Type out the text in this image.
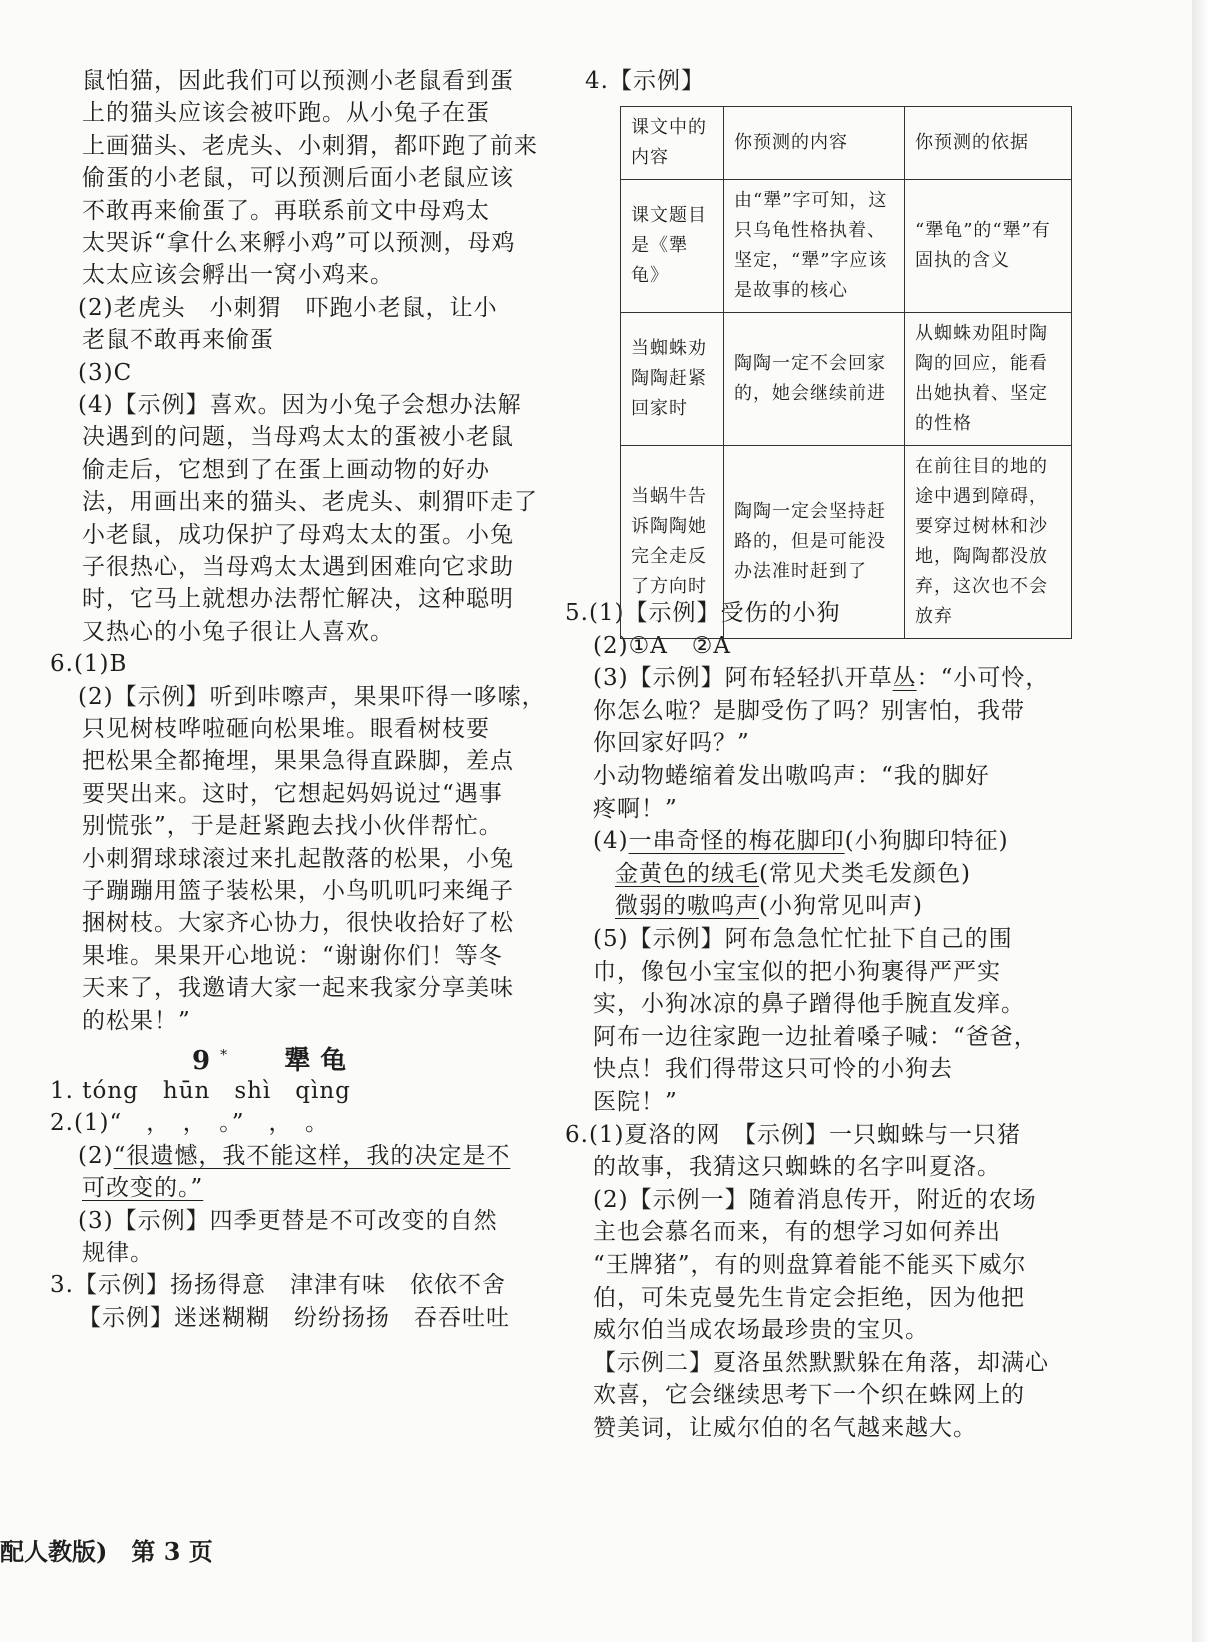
鼠怕猫，因此我们可以预测小老鼠看到蛋
上的猫头应该会被吓跑。从小兔子在蛋
上画猫头、老虎头、小刺猬，都吓跑了前来
偷蛋的小老鼠，可以预测后面小老鼠应该
不敢再来偷蛋了。再联系前文中母鸡太
太哭诉“拿什么来孵小鸡”可以预测，母鸡
太太应该会孵出一窝小鸡来。
(2)老虎头　小刺猬　吓跑小老鼠，让小
老鼠不敢再来偷蛋
(3)C
(4)【示例】喜欢。因为小兔子会想办法解
决遇到的问题，当母鸡太太的蛋被小老鼠
偷走后，它想到了在蛋上画动物的好办
法，用画出来的猫头、老虎头、刺猬吓走了
小老鼠，成功保护了母鸡太太的蛋。小兔
子很热心，当母鸡太太遇到困难向它求助
时，它马上就想办法帮忙解决，这种聪明
又热心的小兔子很让人喜欢。
6.(1)B
(2)【示例】听到咔嚓声，果果吓得一哆嗦，
只见树枝哗啦砸向松果堆。眼看树枝要
把松果全都掩埋，果果急得直跺脚，差点
要哭出来。这时，它想起妈妈说过“遇事
别慌张”，于是赶紧跑去找小伙伴帮忙。
小刺猬球球滚过来扎起散落的松果，小兔
子蹦蹦用篮子装松果，小鸟叽叽叼来绳子
捆树枝。大家齐心协力，很快收拾好了松
果堆。果果开心地说：“谢谢你们！等冬
天来了，我邀请大家一起来我家分享美味
的松果！”
9* 犟龟
1. tóng　hūn　shì　qìng
2.(1)“　，　，　。”　，　。
(2)“很遗憾，我不能这样，我的决定是不
可改变的。”
(3)【示例】四季更替是不可改变的自然
规律。
3.【示例】扬扬得意　津津有味　依依不舍
【示例】迷迷糊糊　纷纷扬扬　吞吞吐吐
4.【示例】
5.(1)【示例】受伤的小狗
(2)①A　②A
(3)【示例】阿布轻轻扒开草丛：“小可怜，
你怎么啦？是脚受伤了吗？别害怕，我带
你回家好吗？”
小动物蜷缩着发出嗷呜声：“我的脚好
疼啊！”
(4)一串奇怪的梅花脚印(小狗脚印特征)
金黄色的绒毛(常见犬类毛发颜色)
微弱的嗷呜声(小狗常见叫声)
(5)【示例】阿布急急忙忙扯下自己的围
巾，像包小宝宝似的把小狗裹得严严实
实，小狗冰凉的鼻子蹭得他手腕直发痒。
阿布一边往家跑一边扯着嗓子喊：“爸爸，
快点！我们得带这只可怜的小狗去
医院！”
6.(1)夏洛的网　【示例】一只蜘蛛与一只猪
的故事，我猜这只蜘蛛的名字叫夏洛。
(2)【示例一】随着消息传开，附近的农场
主也会慕名而来，有的想学习如何养出
“王牌猪”，有的则盘算着能不能买下威尔
伯，可朱克曼先生肯定会拒绝，因为他把
威尔伯当成农场最珍贵的宝贝。
【示例二】夏洛虽然默默躲在角落，却满心
欢喜，它会继续思考下一个织在蛛网上的
赞美词，让威尔伯的名气越来越大。
课文中的内容	你预测的内容	你预测的依据
课文题目是《犟龟》	由“犟”字可知，这只乌龟性格执着、坚定，“犟”字应该是故事的核心	“犟龟”的“犟”有固执的含义
当蜘蛛劝陶陶赶紧回家时	陶陶一定不会回家的，她会继续前进	从蜘蛛劝阻时陶陶的回应，能看出她执着、坚定的性格
当蜗牛告诉陶陶她完全走反了方向时	陶陶一定会坚持赶路的，但是可能没办法准时赶到了	在前往目的地的途中遇到障碍，要穿过树林和沙地，陶陶都没放弃，这次也不会放弃
配人教版)　第 3 页
